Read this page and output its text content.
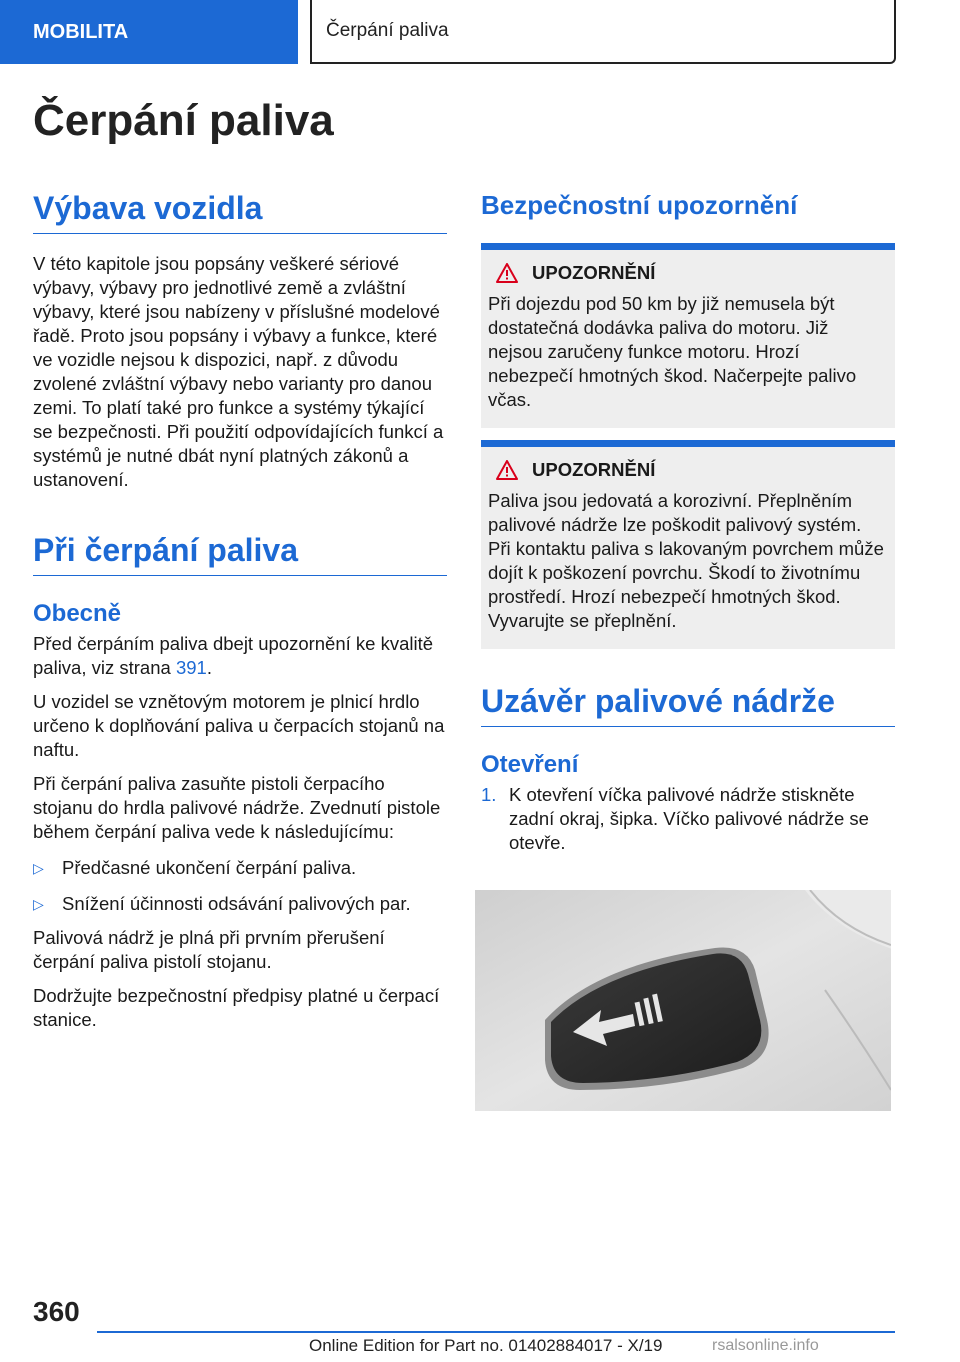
MOBILITA	Čerpání paliva
Čerpání paliva
Výbava vozidla

V této kapitole jsou popsány veškeré sériové výbavy, výbavy pro jednotlivé země a zvláštní výbavy, které jsou nabízeny v příslušné modelové řadě. Proto jsou popsány i výbavy a funkce, které ve vozidle nejsou k dispozici, např. z důvodu zvolené zvláštní výbavy nebo varianty pro danou zemi. To platí také pro funkce a systémy týkající se bezpečnosti. Při použití odpovídajících funkcí a systémů je nutné dbát nyní platných zákonů a ustanovení.

Při čerpání paliva
Obecně

Před čerpáním paliva dbejt upozornění ke kvalitě paliva, viz strana 391.

U vozidel se vznětovým motorem je plnicí hrdlo určeno k doplňování paliva u čerpacích stojanů na naftu.

Při čerpání paliva zasuňte pistoli čerpacího stojanu do hrdla palivové nádrže. Zvednutí pistole během čerpání paliva vede k následujícímu:

▷ Předčasné ukončení čerpání paliva.
▷ Snížení účinnosti odsávání palivových par.

Palivová nádrž je plná při prvním přerušení čerpání paliva pistolí stojanu.

Dodržujte bezpečnostní předpisy platné u čerpací stanice.

Bezpečnostní upozornění
UPOZORNĚNÍ

Při dojezdu pod 50 km by již nemusela být dostatečná dodávka paliva do motoru. Již nejsou zaručeny funkce motoru. Hrozí nebezpečí hmotných škod. Načerpejte palivo včas.

UPOZORNĚNÍ

Paliva jsou jedovatá a korozivní. Přeplněním palivové nádrže lze poškodit palivový systém. Při kontaktu paliva s lakovaným povrchem může dojít k poškození povrchu. Škodí to životnímu prostředí. Hrozí nebezpečí hmotných škod. Vyvarujte se přeplnění.

Uzávěr palivové nádrže
Otevření
1. K otevření víčka palivové nádrže stiskněte zadní okraj, šipka. Víčko palivové nádrže se otevře.
360
Online Edition for Part no. 01402884017 - X/19	rsalsonline.info
